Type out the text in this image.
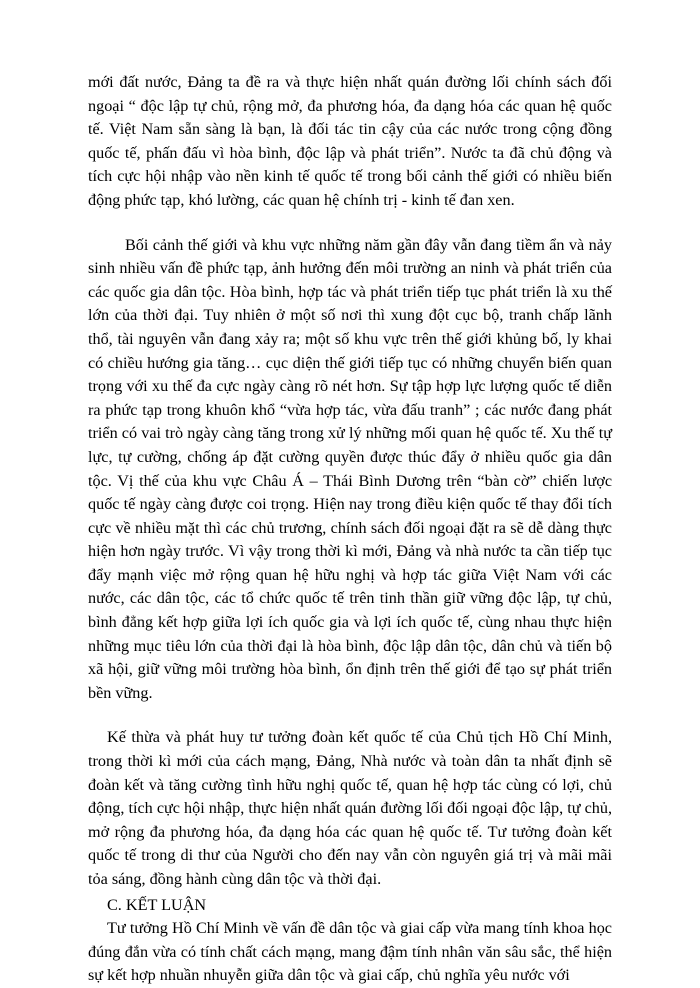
mới đất nước, Đảng ta đề ra và thực hiện nhất quán đường lối chính sách đối ngoại “ độc lập tự chủ, rộng mở, đa phương hóa, đa dạng hóa các quan hệ quốc tế. Việt Nam sẵn sàng là bạn, là đối tác tin cậy của các nước trong cộng đồng quốc tế, phấn đấu vì hòa bình, độc lập và phát triển”. Nước ta đã chủ động và tích cực hội nhập vào nền kinh tế quốc tế trong bối cảnh thế giới có nhiều biến động phức tạp, khó lường, các quan hệ chính trị - kinh tế đan xen.

Bối cảnh thế giới và khu vực những năm gần đây vẫn đang tiềm ẩn và nảy sinh nhiều vấn đề phức tạp, ảnh hưởng đến môi trường an ninh và phát triển của các quốc gia dân tộc. Hòa bình, hợp tác và phát triển tiếp tục phát triển là xu thế lớn của thời đại. Tuy nhiên ở một số nơi thì xung đột cục bộ, tranh chấp lãnh thổ, tài nguyên vẫn đang xảy ra; một số khu vực trên thế giới khủng bố, ly khai có chiều hướng gia tăng… cục diện thế giới tiếp tục có những chuyển biến quan trọng với xu thế đa cực ngày càng rõ nét hơn. Sự tập hợp lực lượng quốc tế diễn ra phức tạp trong khuôn khổ “vừa hợp tác, vừa đấu tranh” ; các nước đang phát triển có vai trò ngày càng tăng trong xử lý những mối quan hệ quốc tế. Xu thế tự lực, tự cường, chống áp đặt cường quyền được thúc đẩy ở nhiều quốc gia dân tộc. Vị thế của khu vực Châu Á – Thái Bình Dương trên “bàn cờ” chiến lược quốc tế ngày càng được coi trọng. Hiện nay trong điều kiện quốc tế thay đổi tích cực về nhiều mặt thì các chủ trương, chính sách đối ngoại đặt ra sẽ dễ dàng thực hiện hơn ngày trước. Vì vậy trong thời kì mới, Đảng và nhà nước ta cần tiếp tục đẩy mạnh việc mở rộng quan hệ hữu nghị và hợp tác giữa Việt Nam với các nước, các dân tộc, các tổ chức quốc tế trên tinh thần giữ vững độc lập, tự chủ, bình đẳng kết hợp giữa lợi ích quốc gia và lợi ích quốc tế, cùng nhau thực hiện những mục tiêu lớn của thời đại là hòa bình, độc lập dân tộc, dân chủ và tiến bộ xã hội, giữ vững môi trường hòa bình, ổn định trên thế giới để tạo sự phát triển bền vững.

Kế thừa và phát huy tư tưởng đoàn kết quốc tế của Chủ tịch Hồ Chí Minh, trong thời kì mới của cách mạng, Đảng, Nhà nước và toàn dân ta nhất định sẽ đoàn kết và tăng cường tình hữu nghị quốc tế, quan hệ hợp tác cùng có lợi, chủ động, tích cực hội nhập, thực hiện nhất quán đường lối đối ngoại độc lập, tự chủ, mở rộng đa phương hóa, đa dạng hóa các quan hệ quốc tế. Tư tưởng đoàn kết quốc tế trong di thư của Người cho đến nay vẫn còn nguyên giá trị và mãi mãi tỏa sáng, đồng hành cùng dân tộc và thời đại.

C. KẾT LUẬN

Tư tưởng Hồ Chí Minh về vấn đề dân tộc và giai cấp vừa mang tính khoa học đúng đắn vừa có tính chất cách mạng, mang đậm tính nhân văn sâu sắc, thể hiện sự kết hợp nhuần nhuyễn giữa dân tộc và giai cấp, chủ nghĩa yêu nước với
